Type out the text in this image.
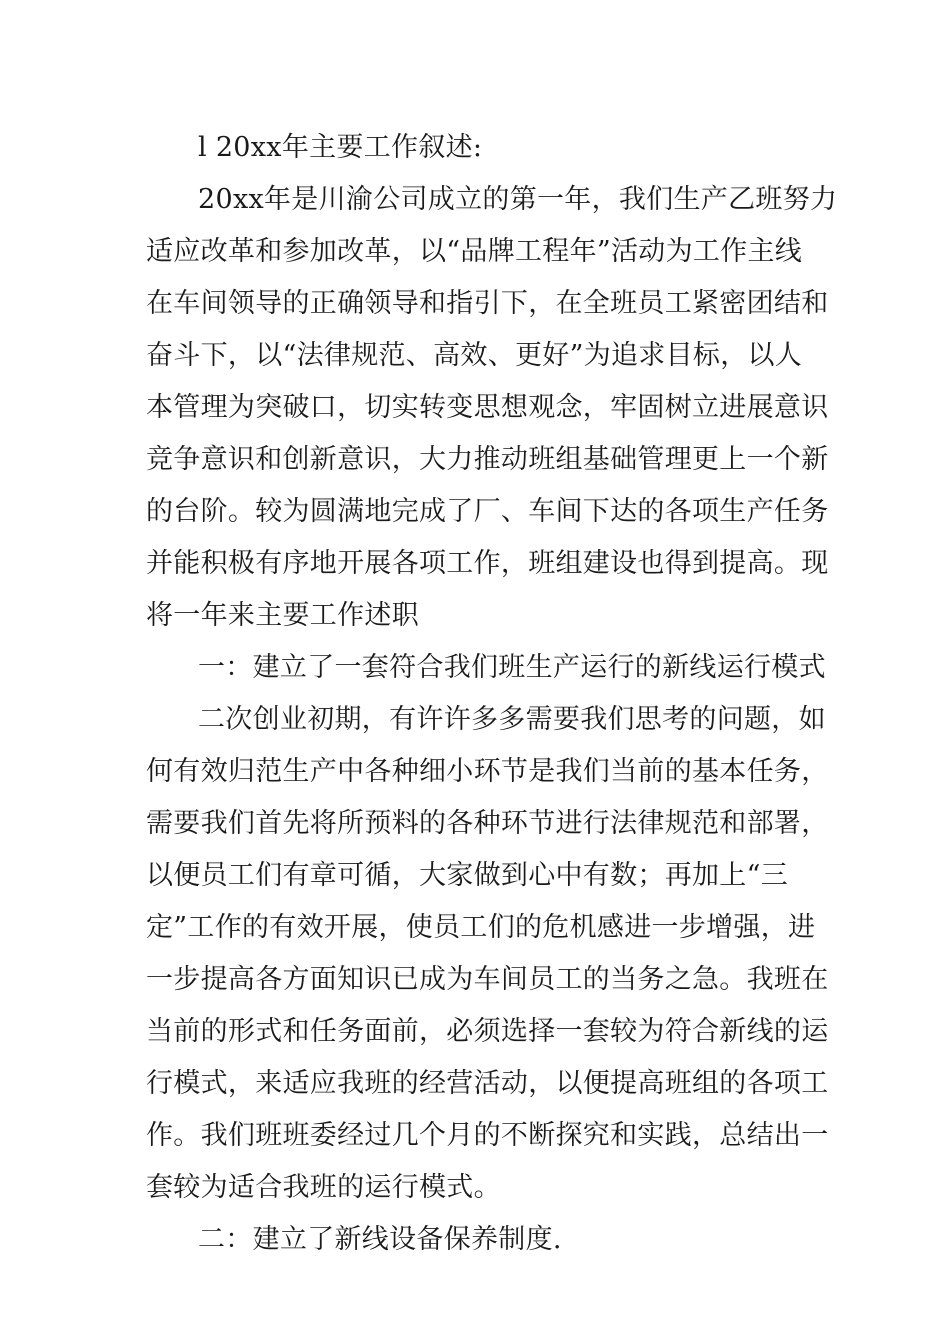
l 20xx年主要工作叙述:
20xx年是川渝公司成立的第一年，我们生产乙班努力
适应改革和参加改革，以“品牌工程年”活动为工作主线
在车间领导的正确领导和指引下，在全班员工紧密团结和
奋斗下，以“法律规范、高效、更好”为追求目标，以人
本管理为突破口，切实转变思想观念，牢固树立进展意识
竞争意识和创新意识，大力推动班组基础管理更上一个新
的台阶。较为圆满地完成了厂、车间下达的各项生产任务
并能积极有序地开展各项工作，班组建设也得到提高。现
将一年来主要工作述职
一：建立了一套符合我们班生产运行的新线运行模式
二次创业初期，有许许多多需要我们思考的问题，如
何有效归范生产中各种细小环节是我们当前的基本任务，
需要我们首先将所预料的各种环节进行法律规范和部署，
以便员工们有章可循，大家做到心中有数；再加上“三
定”工作的有效开展，使员工们的危机感进一步增强，进
一步提高各方面知识已成为车间员工的当务之急。我班在
当前的形式和任务面前，必须选择一套较为符合新线的运
行模式，来适应我班的经营活动，以便提高班组的各项工
作。我们班班委经过几个月的不断探究和实践，总结出一
套较为适合我班的运行模式。
二：建立了新线设备保养制度.
